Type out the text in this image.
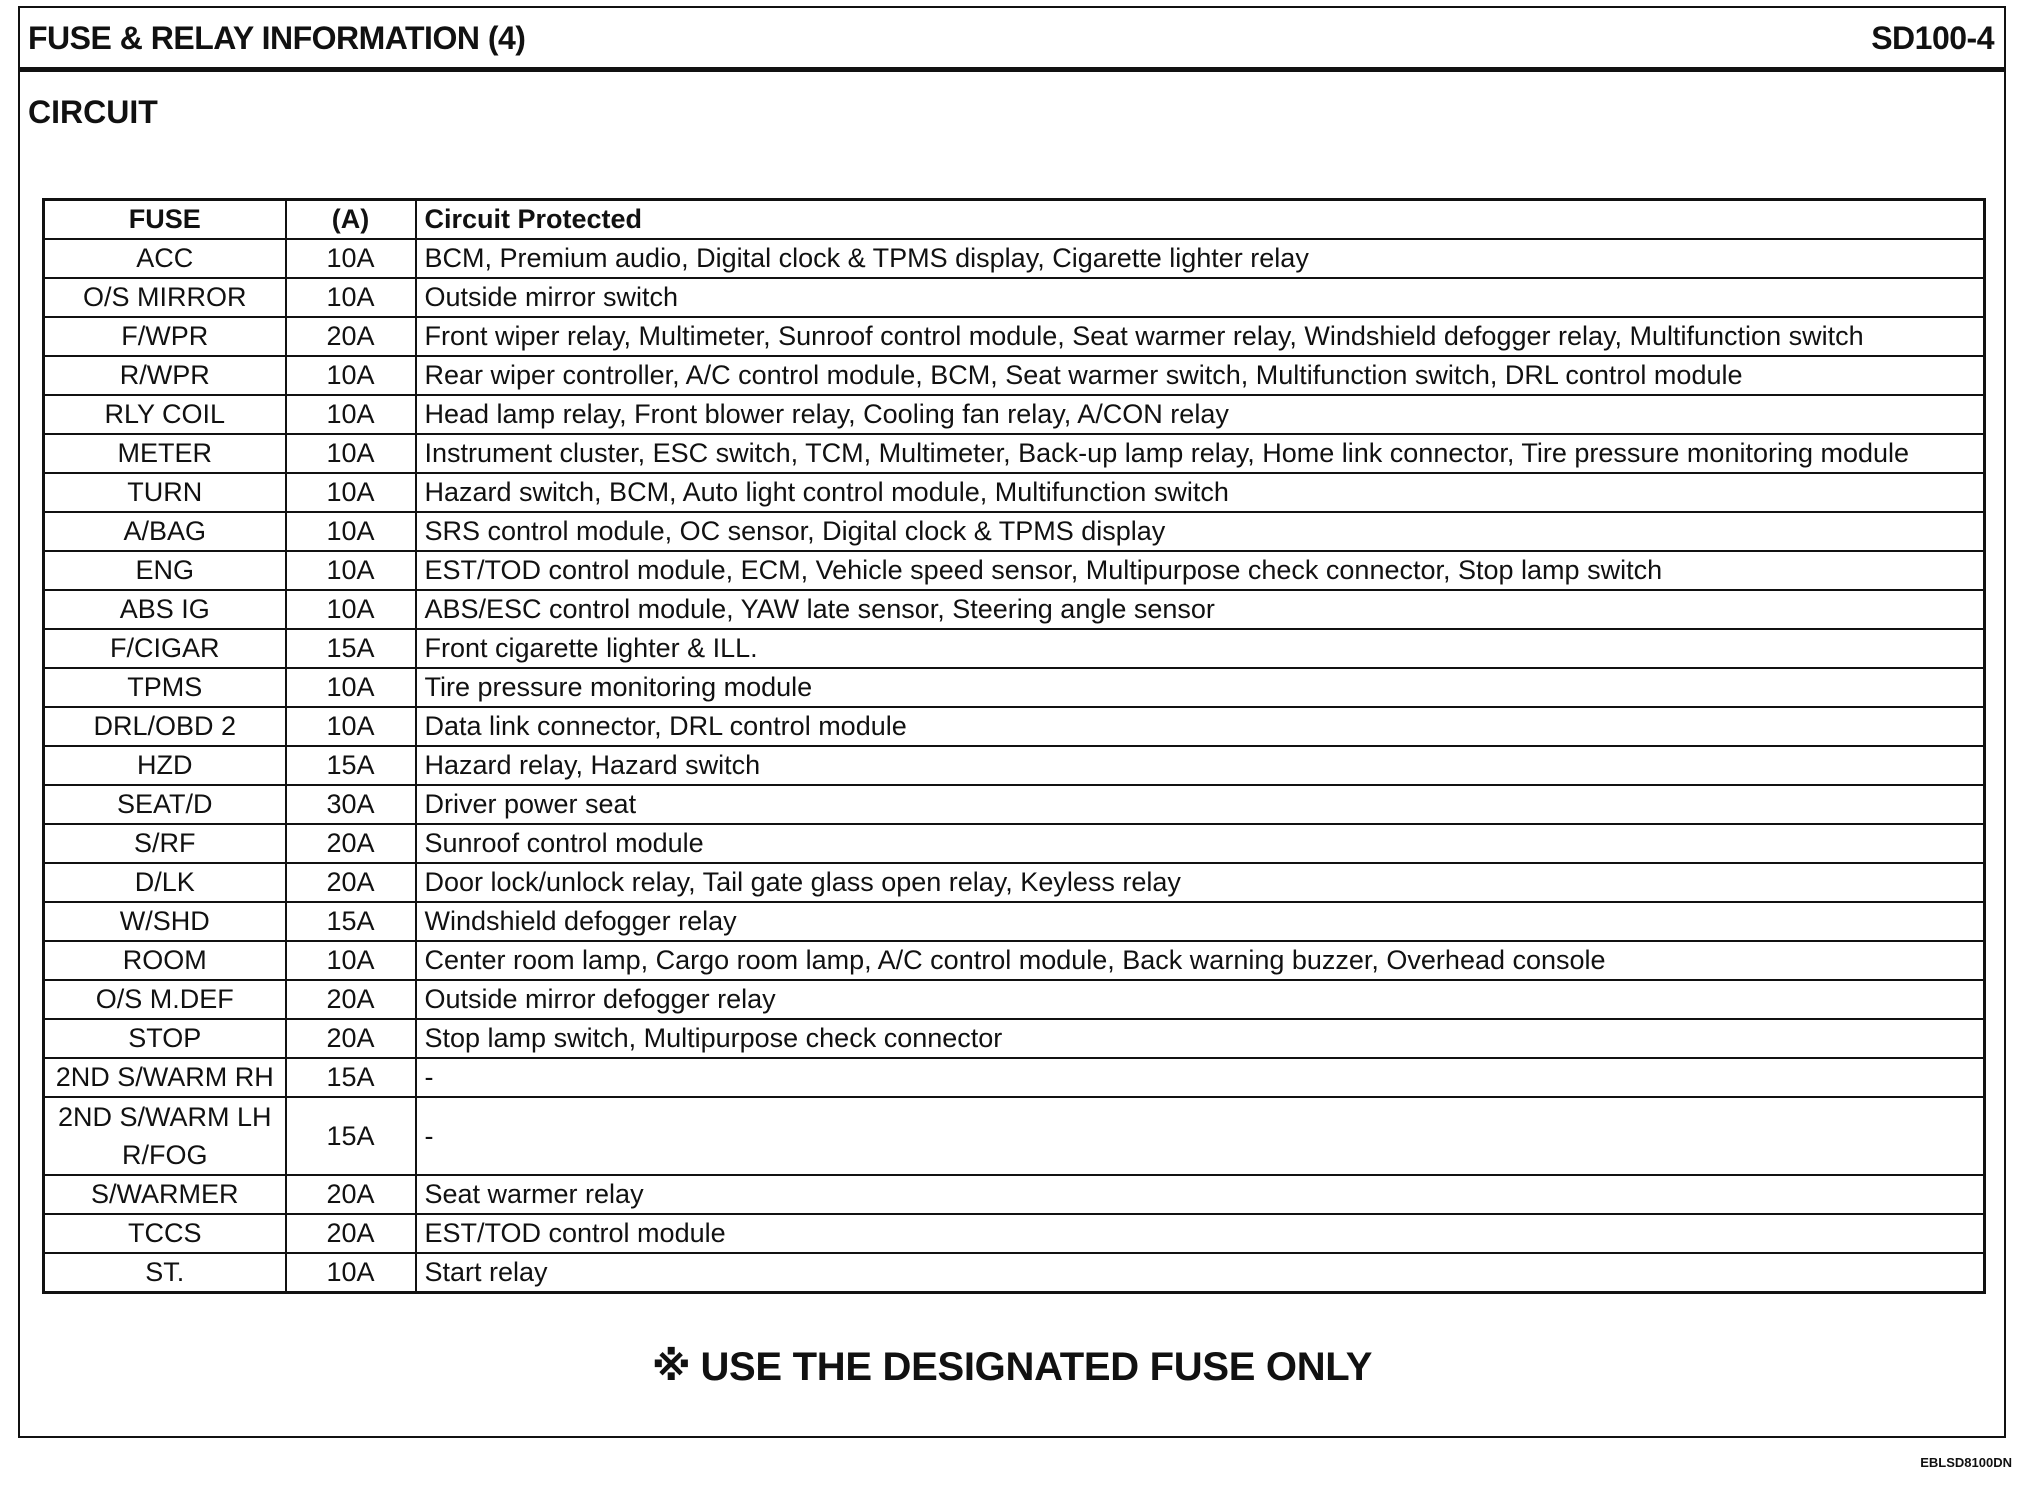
FUSE & RELAY INFORMATION (4)	SD100-4
CIRCUIT
FUSE	(A)	Circuit Protected
ACC	10A	BCM, Premium audio, Digital clock & TPMS display, Cigarette lighter relay
O/S MIRROR	10A	Outside mirror switch
F/WPR	20A	Front wiper relay, Multimeter, Sunroof control module, Seat warmer relay, Windshield defogger relay, Multifunction switch
R/WPR	10A	Rear wiper controller, A/C control module, BCM, Seat warmer switch, Multifunction switch, DRL control module
RLY COIL	10A	Head lamp relay, Front blower relay, Cooling fan relay, A/CON relay
METER	10A	Instrument cluster, ESC switch, TCM, Multimeter, Back-up lamp relay, Home link connector, Tire pressure monitoring module
TURN	10A	Hazard switch, BCM, Auto light control module, Multifunction switch
A/BAG	10A	SRS control module, OC sensor, Digital clock & TPMS display
ENG	10A	EST/TOD control module, ECM, Vehicle speed sensor, Multipurpose check connector, Stop lamp switch
ABS IG	10A	ABS/ESC control module, YAW late sensor, Steering angle sensor
F/CIGAR	15A	Front cigarette lighter & ILL.
TPMS	10A	Tire pressure monitoring module
DRL/OBD 2	10A	Data link connector, DRL control module
HZD	15A	Hazard relay, Hazard switch
SEAT/D	30A	Driver power seat
S/RF	20A	Sunroof control module
D/LK	20A	Door lock/unlock relay, Tail gate glass open relay, Keyless relay
W/SHD	15A	Windshield defogger relay
ROOM	10A	Center room lamp, Cargo room lamp, A/C control module, Back warning buzzer, Overhead console
O/S M.DEF	20A	Outside mirror defogger relay
STOP	20A	Stop lamp switch, Multipurpose check connector
2ND S/WARM RH	15A	-

2ND S/WARM LH
R/FOG	15A	-
S/WARMER	20A	Seat warmer relay
TCCS	20A	EST/TOD control module
ST.	10A	Start relay
※ USE THE DESIGNATED FUSE ONLY
EBLSD8100DN
